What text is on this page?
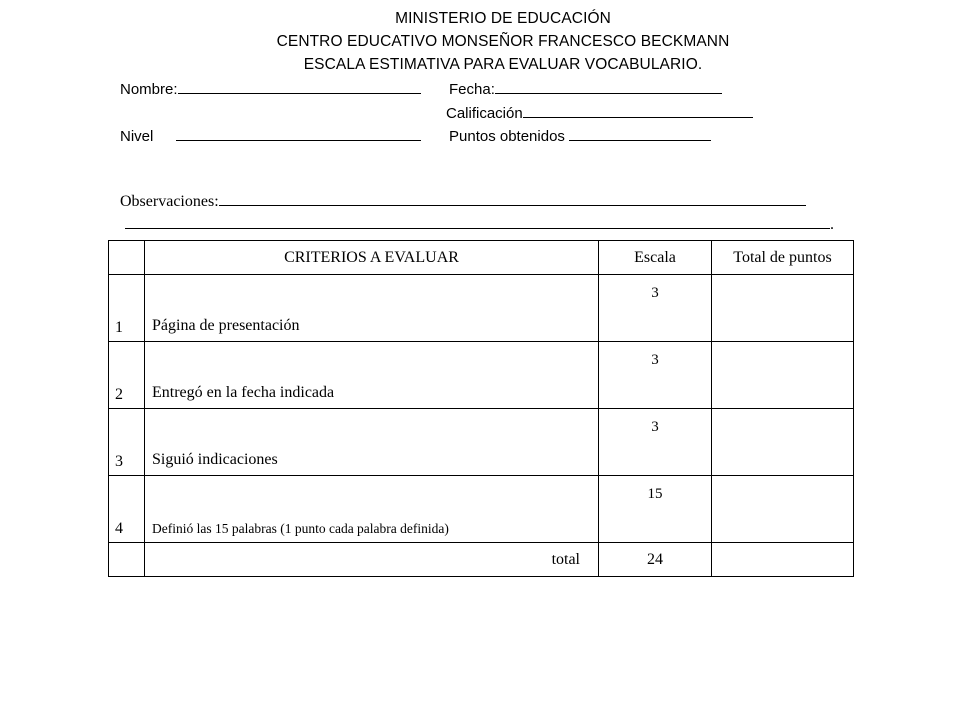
MINISTERIO DE EDUCACIÓN
CENTRO EDUCATIVO MONSEÑOR FRANCESCO BECKMANN
ESCALA ESTIMATIVA PARA EVALUAR VOCABULARIO.
Nombre:	Fecha:
Calificación
Nivel	Puntos obtenidos
Observaciones:
.
	CRITERIOS A EVALUAR	Escala	Total de puntos

1	Página de presentación	3	

2	Entregó en la fecha indicada	3	

3	Siguió indicaciones	3	

4	Definió las 15 palabras (1 punto cada palabra definida)	15	

	total	24	
